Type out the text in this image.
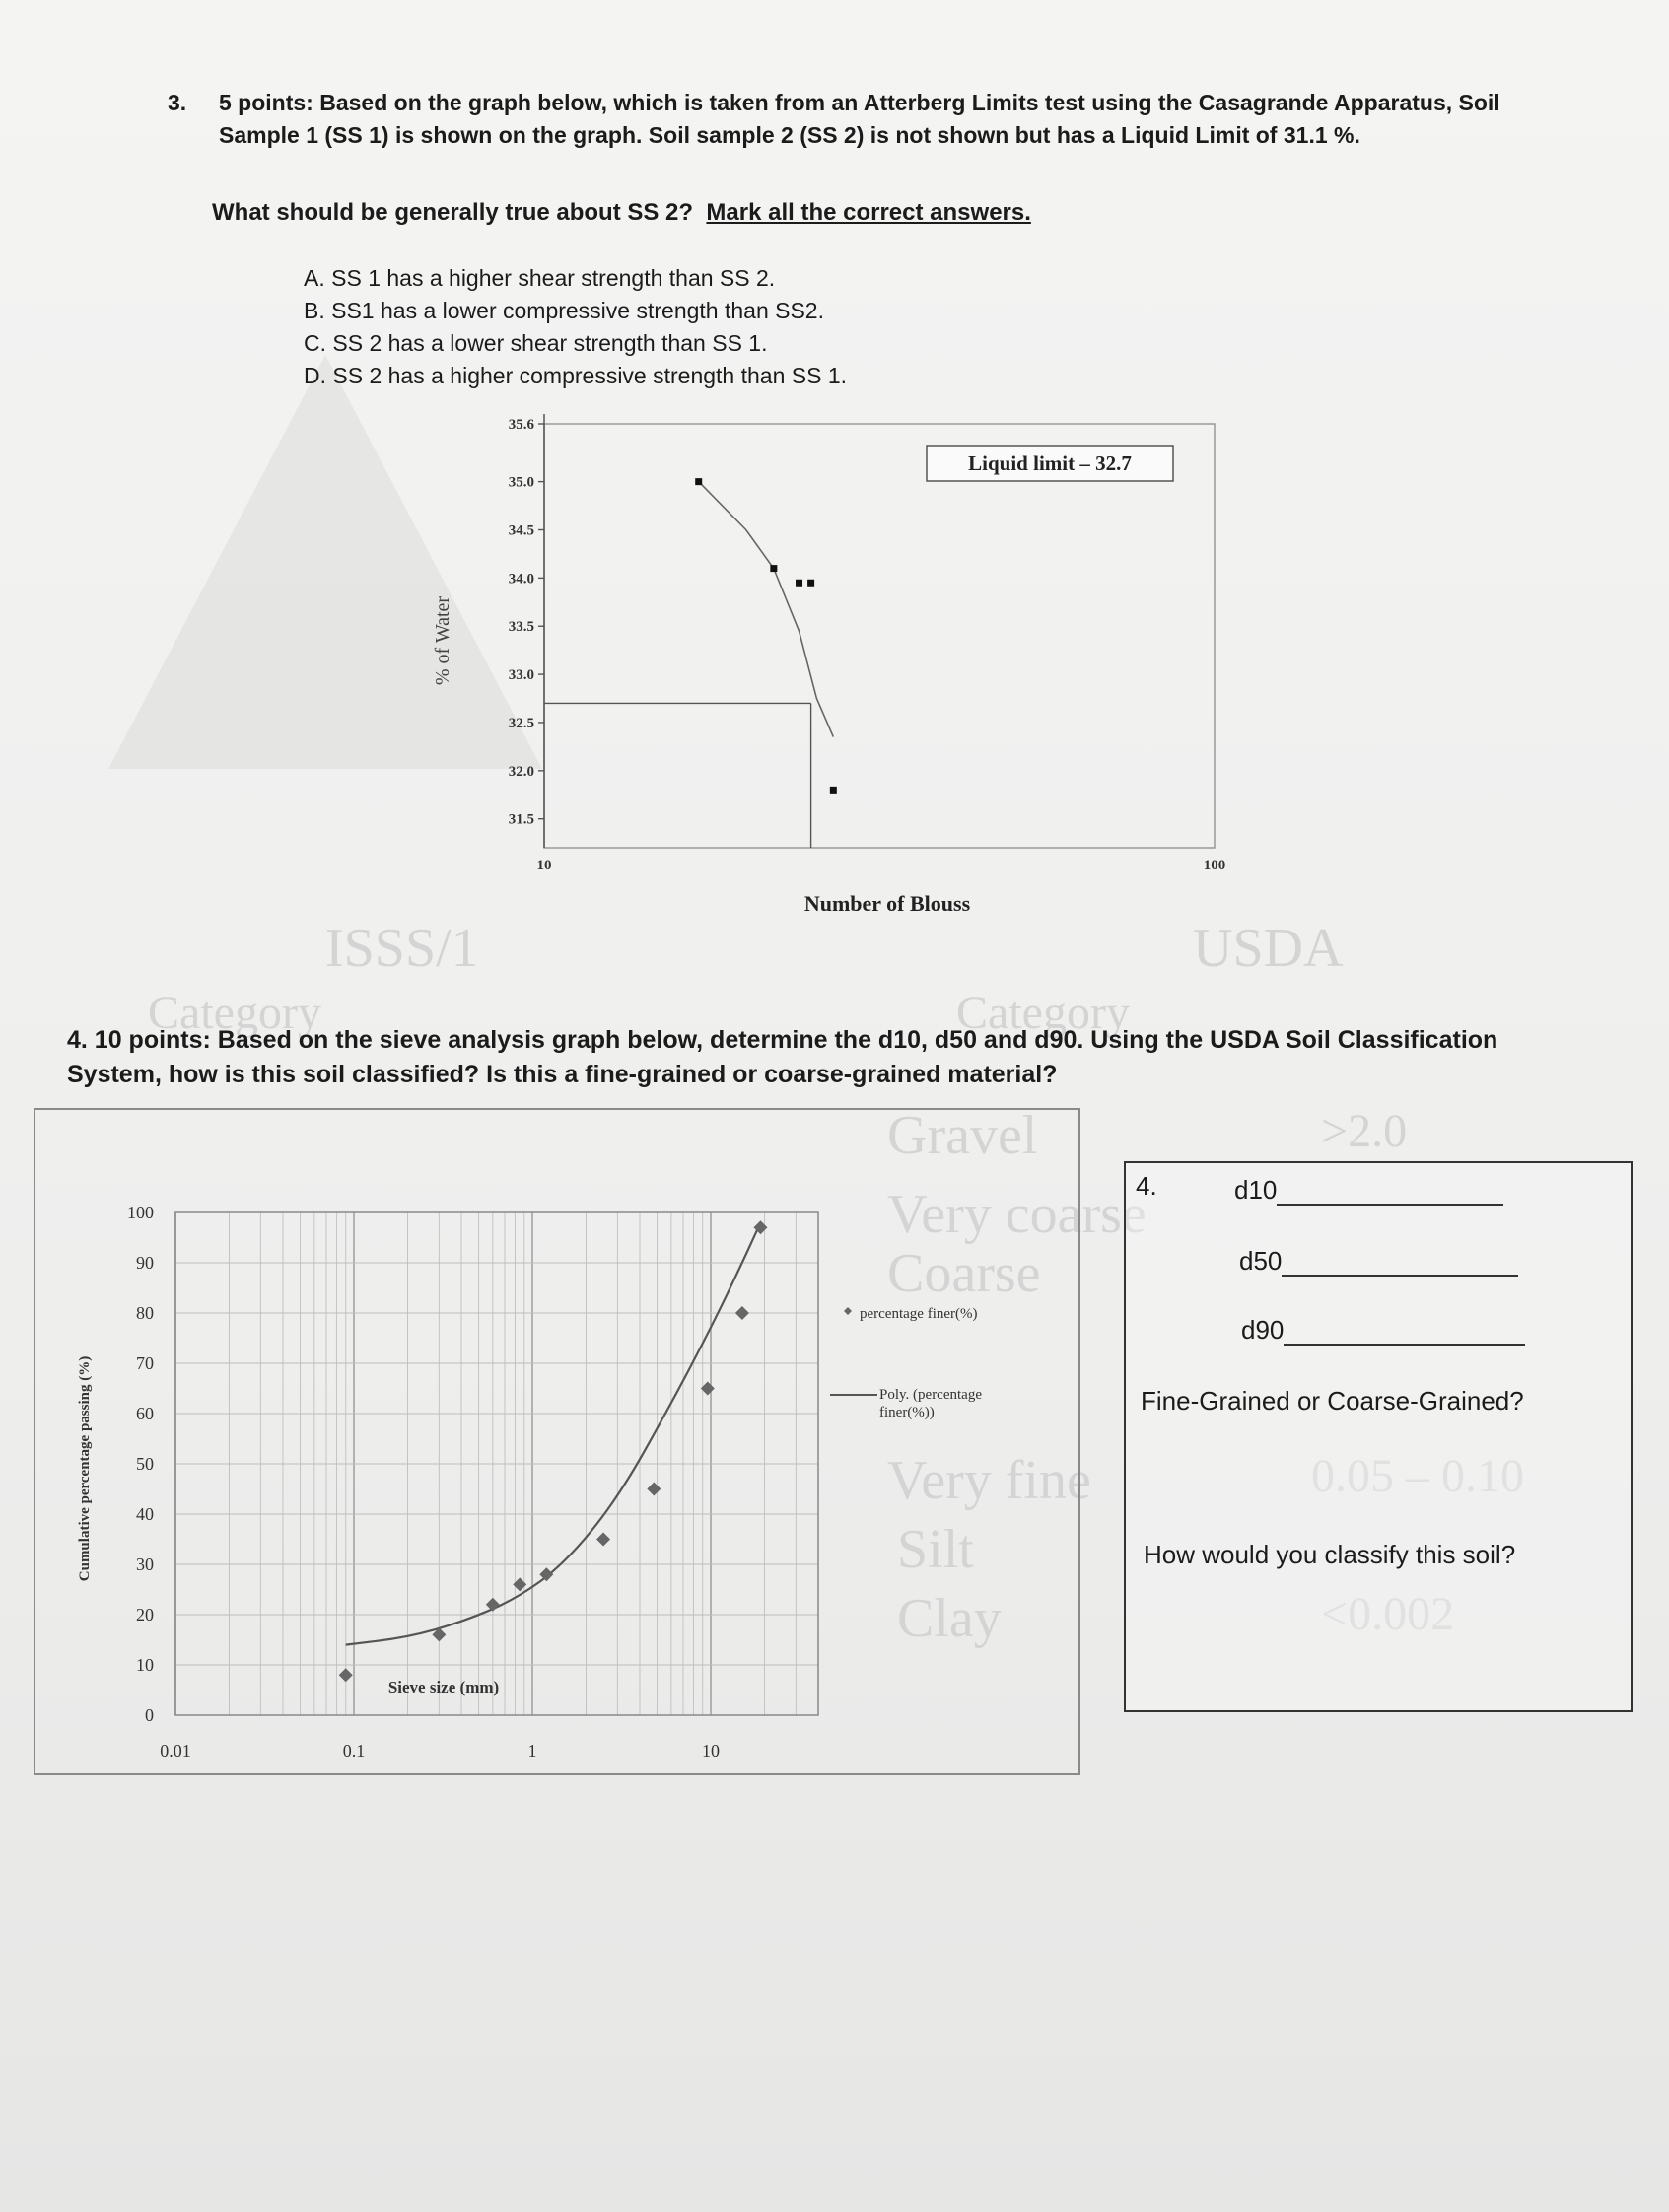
ISSS/1	USDA
Category	Category
Gravel
Very coarse
Coarse
Very fine
Silt
Clay
>2.0
0.05 – 0.10
<0.002
3. 5 points: Based on the graph below, which is taken from an Atterberg Limits test using the Casagrande Apparatus, Soil Sample 1 (SS 1) is shown on the graph. Soil sample 2 (SS 2) is not shown but has a Liquid Limit of 31.1 %.
What should be generally true about SS 2? Mark all the correct answers.
A. SS 1 has a higher shear strength than SS 2.
B. SS1 has a lower compressive strength than SS2.
C. SS 2 has a lower shear strength than SS 1.
D. SS 2 has a higher compressive strength than SS 1.
35.6
35.0
34.5
34.0
33.5
33.0
32.5
32.0
31.5
10	100
Liquid limit – 32.7
% of Water
Number of Blouss
4. 10 points: Based on the sieve analysis graph below, determine the d10, d50 and d90. Using the USDA Soil Classification System, how is this soil classified? Is this a fine-grained or coarse-grained material?
100
90
80
70
60
50
40
30
20
10
0
0.01	0.1	1	10
Cumulative percentage passing (%)
Sieve size (mm)
percentage finer(%)
Poly. (percentage finer(%))
4.	d10
d50
d90
Fine-Grained or Coarse-Grained?
How would you classify this soil?
